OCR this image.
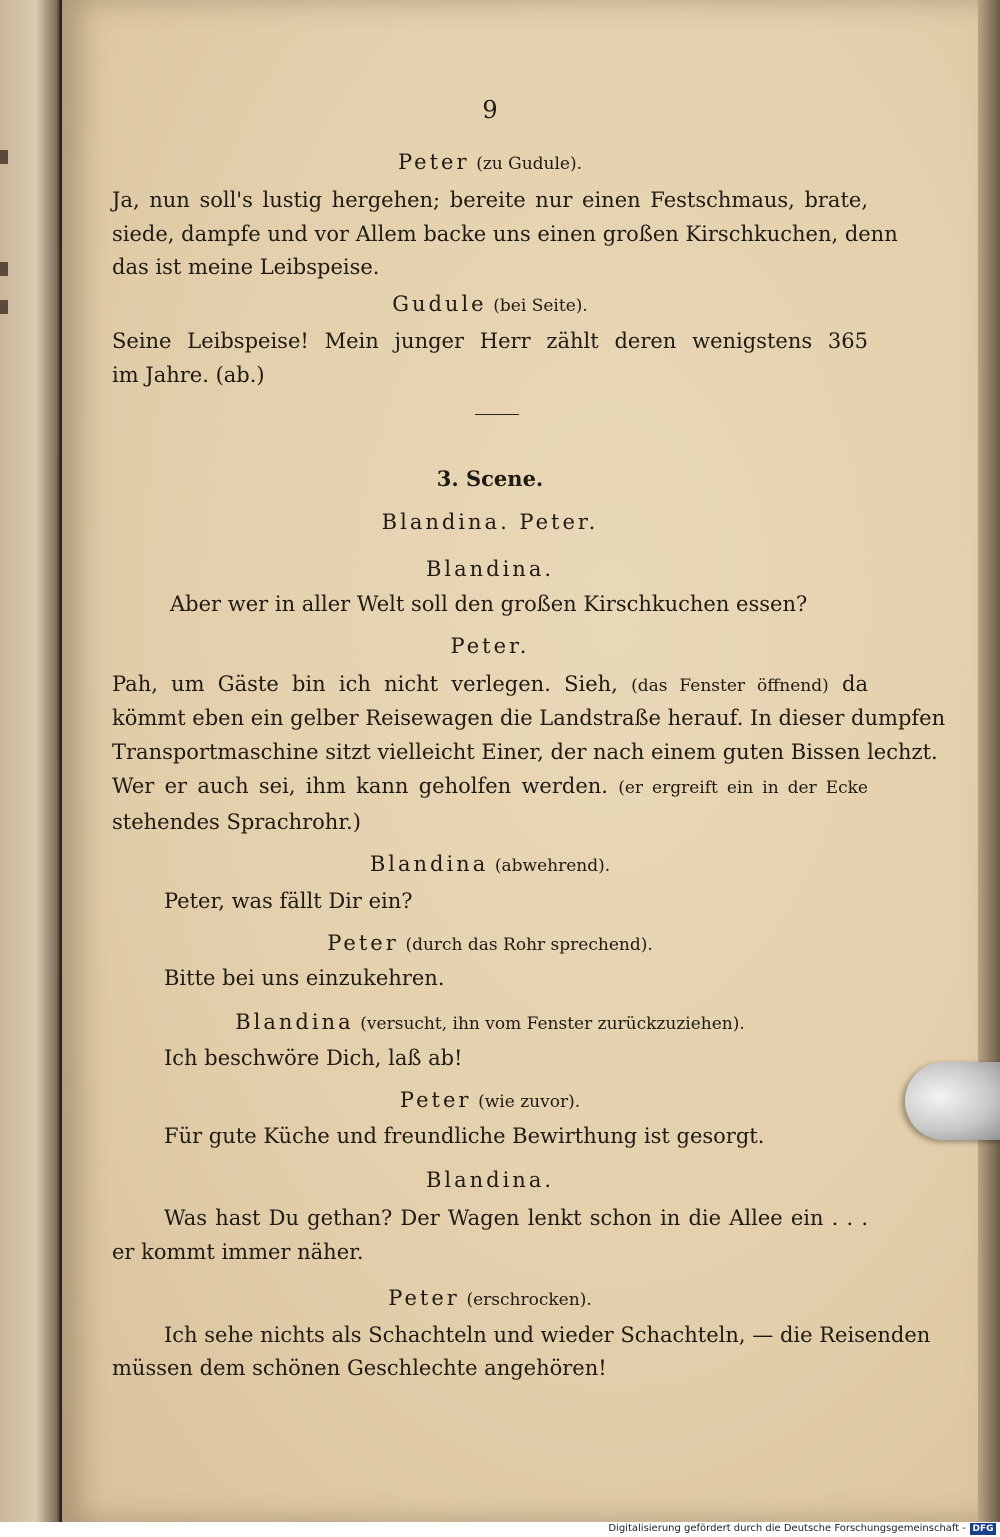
9
Peter (zu Gudule).
Ja, nun soll's lustig hergehen; bereite nur einen Festschmaus, brate,
siede, dampfe und vor Allem backe uns einen großen Kirschkuchen, denn
das ist meine Leibspeise.
Gudule (bei Seite).
Seine Leibspeise! Mein junger Herr zählt deren wenigstens 365
im Jahre. (ab.)
3. Scene.
Blandina. Peter.
Blandina.
Aber wer in aller Welt soll den großen Kirschkuchen essen?
Peter.
Pah, um Gäste bin ich nicht verlegen. Sieh, (das Fenster öffnend) da
kömmt eben ein gelber Reisewagen die Landstraße herauf. In dieser dumpfen
Transportmaschine sitzt vielleicht Einer, der nach einem guten Bissen lechzt.
Wer er auch sei, ihm kann geholfen werden. (er ergreift ein in der Ecke
stehendes Sprachrohr.)
Blandina (abwehrend).
Peter, was fällt Dir ein?
Peter (durch das Rohr sprechend).
Bitte bei uns einzukehren.
Blandina (versucht, ihn vom Fenster zurückzuziehen).
Ich beschwöre Dich, laß ab!
Peter (wie zuvor).
Für gute Küche und freundliche Bewirthung ist gesorgt.
Blandina.
Was hast Du gethan? Der Wagen lenkt schon in die Allee ein . . .
er kommt immer näher.
Peter (erschrocken).
Ich sehe nichts als Schachteln und wieder Schachteln, — die Reisenden
müssen dem schönen Geschlechte angehören!
Digitalisierung gefördert durch die Deutsche Forschungsgemeinschaft - DFG
